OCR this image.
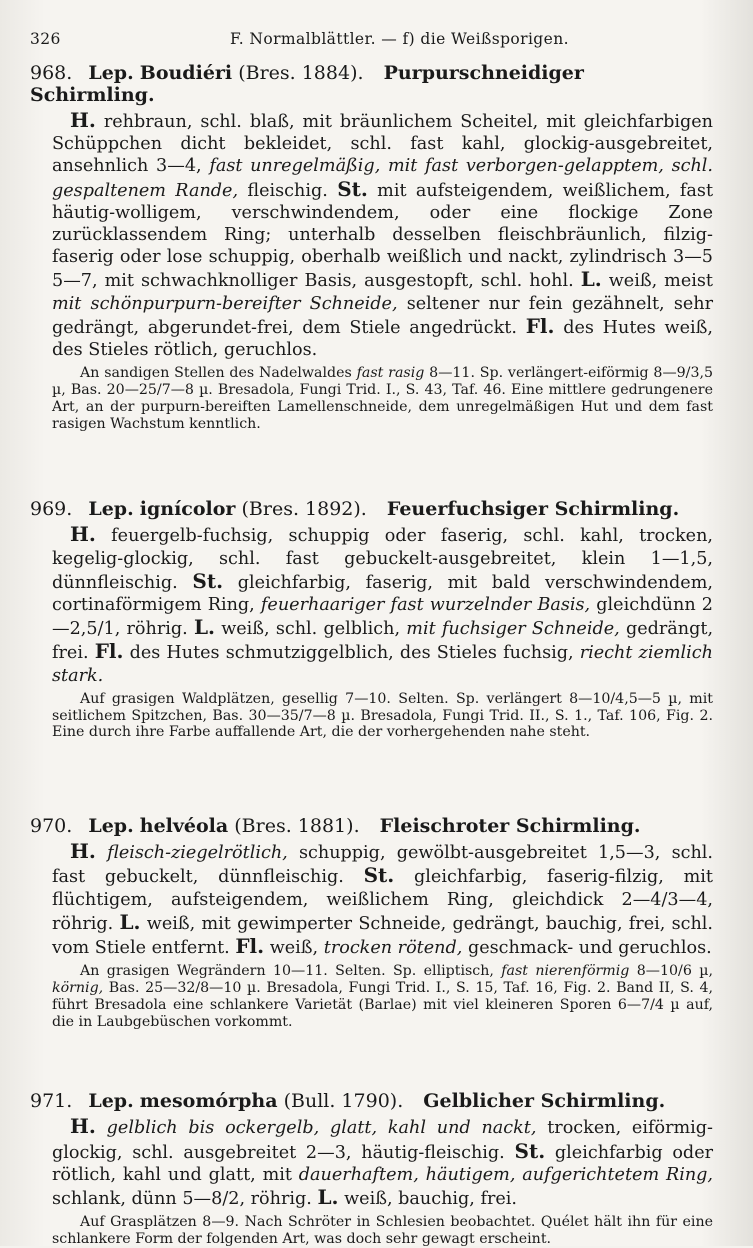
326	F. Normalblättler. — f) die Weißsporigen.
968. Lep. Boudiéri (Bres. 1884). Purpurschneidiger Schirmling.

H. rehbraun, schl. blaß, mit bräunlichem Scheitel, mit gleichfarbigen Schüppchen dicht bekleidet, schl. fast kahl, glockig-ausgebreitet, ansehnlich 3—4, fast unregelmäßig, mit fast verborgen-gelapptem, schl. gespaltenem Rande, fleischig. St. mit aufsteigendem, weißlichem, fast häutig-wolligem, verschwindendem, oder eine flockige Zone zurücklassendem Ring; unterhalb desselben fleischbräunlich, filzig-faserig oder lose schuppig, oberhalb weißlich und nackt, zylindrisch 3—5 5—7, mit schwachknolliger Basis, ausgestopft, schl. hohl. L. weiß, meist mit schönpurpurn-bereifter Schneide, seltener nur fein gezähnelt, sehr gedrängt, abgerundet-frei, dem Stiele angedrückt. Fl. des Hutes weiß, des Stieles rötlich, geruchlos.

An sandigen Stellen des Nadelwaldes fast rasig 8—11. Sp. verlängert-eiförmig 8—9/3,5 µ, Bas. 20—25/7—8 µ. Bresadola, Fungi Trid. I., S. 43, Taf. 46. Eine mittlere gedrungenere Art, an der purpurn-bereiften Lamellenschneide, dem unregelmäßigen Hut und dem fast rasigen Wachstum kenntlich.

969. Lep. ignícolor (Bres. 1892). Feuerfuchsiger Schirmling.

H. feuergelb-fuchsig, schuppig oder faserig, schl. kahl, trocken, kegelig-glockig, schl. fast gebuckelt-ausgebreitet, klein 1—1,5, dünnfleischig. St. gleichfarbig, faserig, mit bald verschwindendem, cortinaförmigem Ring, feuerhaariger fast wurzelnder Basis, gleichdünn 2—2,5/1, röhrig. L. weiß, schl. gelblich, mit fuchsiger Schneide, gedrängt, frei. Fl. des Hutes schmutziggelblich, des Stieles fuchsig, riecht ziemlich stark.

Auf grasigen Waldplätzen, gesellig 7—10. Selten. Sp. verlängert 8—10/4,5—5 µ, mit seitlichem Spitzchen, Bas. 30—35/7—8 µ. Bresadola, Fungi Trid. II., S. 1., Taf. 106, Fig. 2. Eine durch ihre Farbe auffallende Art, die der vorhergehenden nahe steht.

970. Lep. helvéola (Bres. 1881). Fleischroter Schirmling.

H. fleisch-ziegelrötlich, schuppig, gewölbt-ausgebreitet 1,5—3, schl. fast gebuckelt, dünnfleischig. St. gleichfarbig, faserig-filzig, mit flüchtigem, aufsteigendem, weißlichem Ring, gleichdick 2—4/3—4, röhrig. L. weiß, mit gewimperter Schneide, gedrängt, bauchig, frei, schl. vom Stiele entfernt. Fl. weiß, trocken rötend, geschmack- und geruchlos.

An grasigen Wegrändern 10—11. Selten. Sp. elliptisch, fast nierenförmig 8—10/6 µ, körnig, Bas. 25—32/8—10 µ. Bresadola, Fungi Trid. I., S. 15, Taf. 16, Fig. 2. Band II, S. 4, führt Bresadola eine schlankere Varietät (Barlae) mit viel kleineren Sporen 6—7/4 µ auf, die in Laubgebüschen vorkommt.

971. Lep. mesomórpha (Bull. 1790). Gelblicher Schirmling.

H. gelblich bis ockergelb, glatt, kahl und nackt, trocken, eiförmig-glockig, schl. ausgebreitet 2—3, häutig-fleischig. St. gleichfarbig oder rötlich, kahl und glatt, mit dauerhaftem, häutigem, aufgerichtetem Ring, schlank, dünn 5—8/2, röhrig. L. weiß, bauchig, frei.

Auf Grasplätzen 8—9. Nach Schröter in Schlesien beobachtet. Quélet hält ihn für eine schlankere Form der folgenden Art, was doch sehr gewagt erscheint.
